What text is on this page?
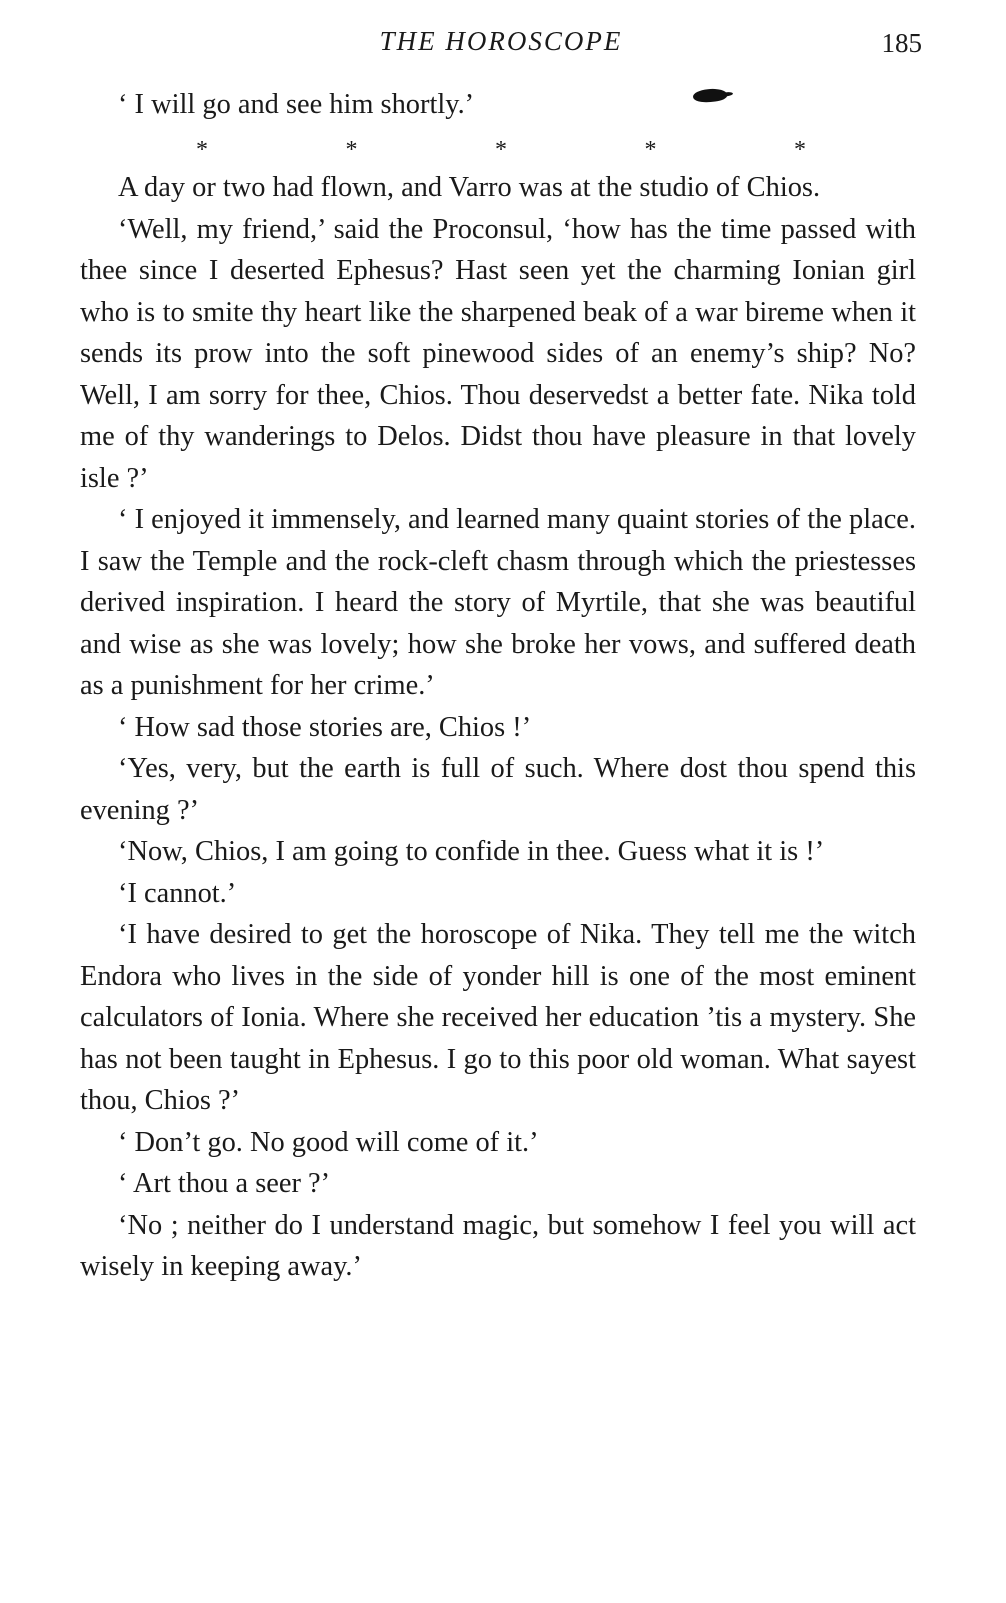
THE HOROSCOPE	185

‘ I will go and see him shortly.’

*	*	*	*	*

A day or two had flown, and Varro was at the studio of Chios.

‘Well, my friend,’ said the Proconsul, ‘how has the time passed with thee since I deserted Ephesus? Hast seen yet the charming Ionian girl who is to smite thy heart like the sharpened beak of a war bireme when it sends its prow into the soft pinewood sides of an enemy’s ship? No? Well, I am sorry for thee, Chios. Thou deservedst a better fate. Nika told me of thy wanderings to Delos. Didst thou have pleasure in that lovely isle ?’

‘ I enjoyed it immensely, and learned many quaint stories of the place. I saw the Temple and the rock-cleft chasm through which the priestesses derived inspiration. I heard the story of Myrtile, that she was beautiful and wise as she was lovely; how she broke her vows, and suffered death as a punishment for her crime.’

‘ How sad those stories are, Chios !’

‘Yes, very, but the earth is full of such. Where dost thou spend this evening ?’

‘Now, Chios, I am going to confide in thee. Guess what it is !’

‘I cannot.’

‘I have desired to get the horoscope of Nika. They tell me the witch Endora who lives in the side of yonder hill is one of the most eminent calculators of Ionia. Where she received her education ’tis a mystery. She has not been taught in Ephesus. I go to this poor old woman. What sayest thou, Chios ?’

‘ Don’t go. No good will come of it.’

‘ Art thou a seer ?’

‘No ; neither do I understand magic, but somehow I feel you will act wisely in keeping away.’
